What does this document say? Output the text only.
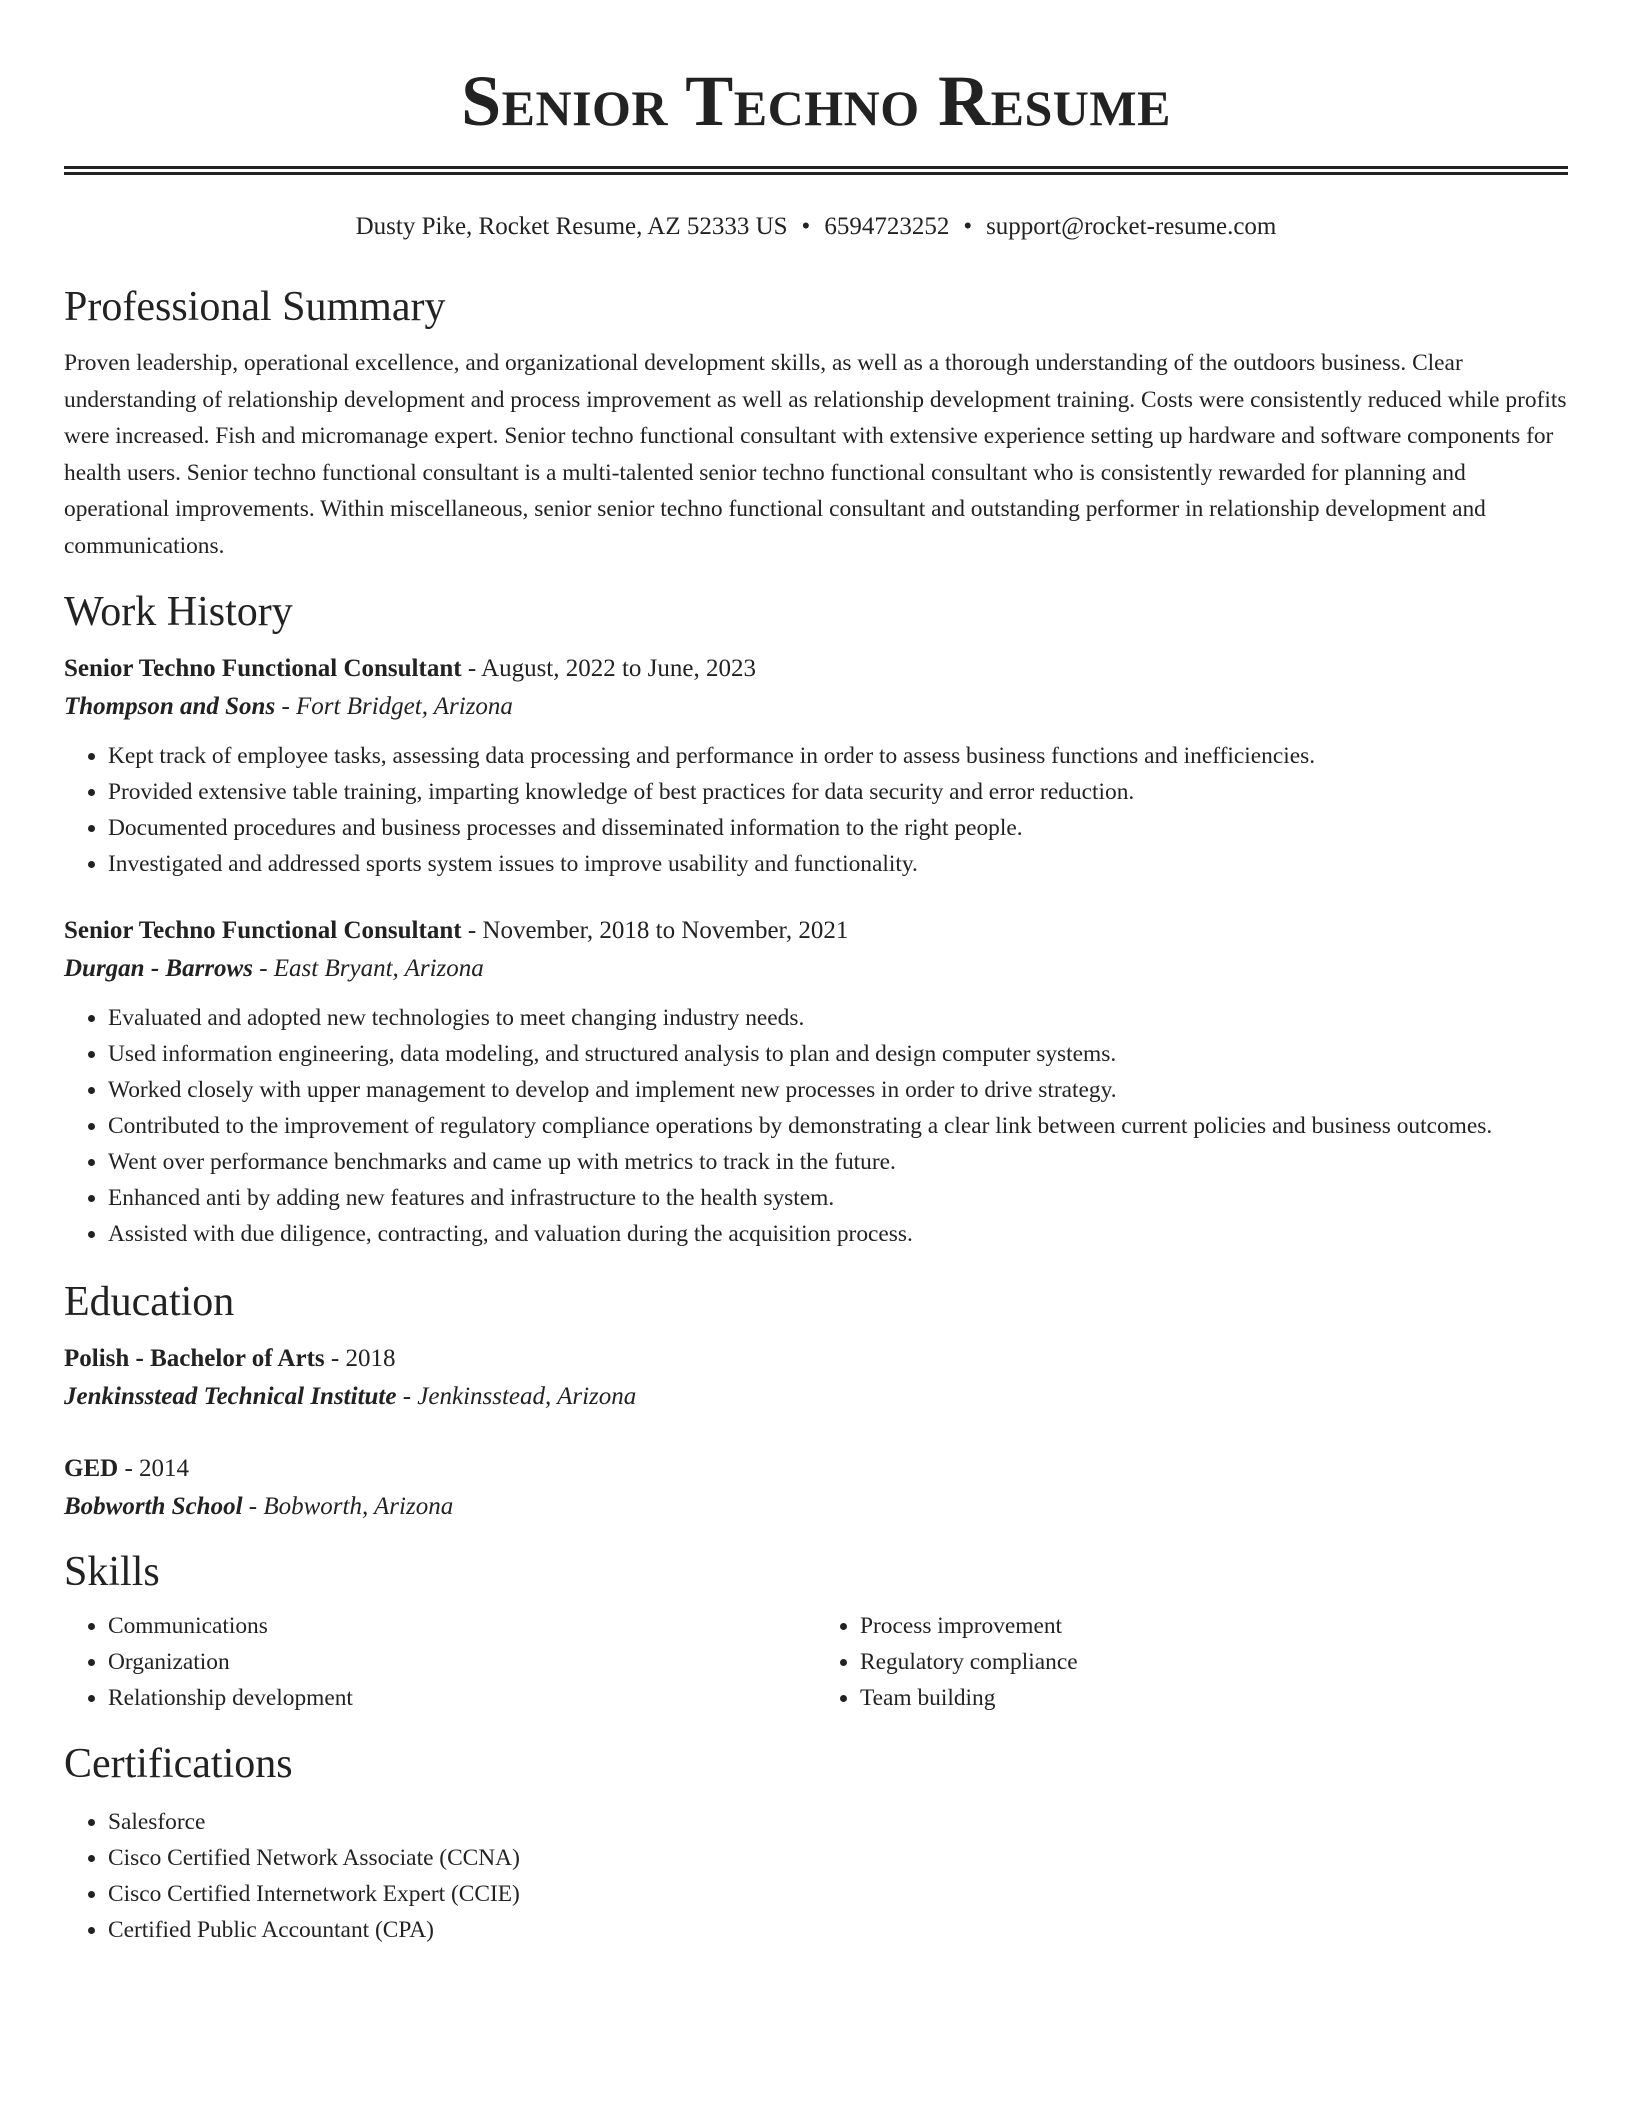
Senior Techno Resume
Dusty Pike, Rocket Resume, AZ 52333 US • 6594723252 • support@rocket-resume.com
Professional Summary

Proven leadership, operational excellence, and organizational development skills, as well as a thorough understanding of the outdoors business. Clear understanding of relationship development and process improvement as well as relationship development training. Costs were consistently reduced while profits were increased. Fish and micromanage expert. Senior techno functional consultant with extensive experience setting up hardware and software components for health users. Senior techno functional consultant is a multi-talented senior techno functional consultant who is consistently rewarded for planning and operational improvements. Within miscellaneous, senior senior techno functional consultant and outstanding performer in relationship development and communications.

Work History
Senior Techno Functional Consultant - August, 2022 to June, 2023
Thompson and Sons - Fort Bridget, Arizona
• Kept track of employee tasks, assessing data processing and performance in order to assess business functions and inefficiencies.
• Provided extensive table training, imparting knowledge of best practices for data security and error reduction.
• Documented procedures and business processes and disseminated information to the right people.
• Investigated and addressed sports system issues to improve usability and functionality.
Senior Techno Functional Consultant - November, 2018 to November, 2021
Durgan - Barrows - East Bryant, Arizona
• Evaluated and adopted new technologies to meet changing industry needs.
• Used information engineering, data modeling, and structured analysis to plan and design computer systems.
• Worked closely with upper management to develop and implement new processes in order to drive strategy.
• Contributed to the improvement of regulatory compliance operations by demonstrating a clear link between current policies and business outcomes.
• Went over performance benchmarks and came up with metrics to track in the future.
• Enhanced anti by adding new features and infrastructure to the health system.
• Assisted with due diligence, contracting, and valuation during the acquisition process.
Education
Polish - Bachelor of Arts - 2018
Jenkinsstead Technical Institute - Jenkinsstead, Arizona
GED - 2014
Bobworth School - Bobworth, Arizona
Skills
• Communications
• Organization
• Relationship development
• Process improvement
• Regulatory compliance
• Team building
Certifications
• Salesforce
• Cisco Certified Network Associate (CCNA)
• Cisco Certified Internetwork Expert (CCIE)
• Certified Public Accountant (CPA)
